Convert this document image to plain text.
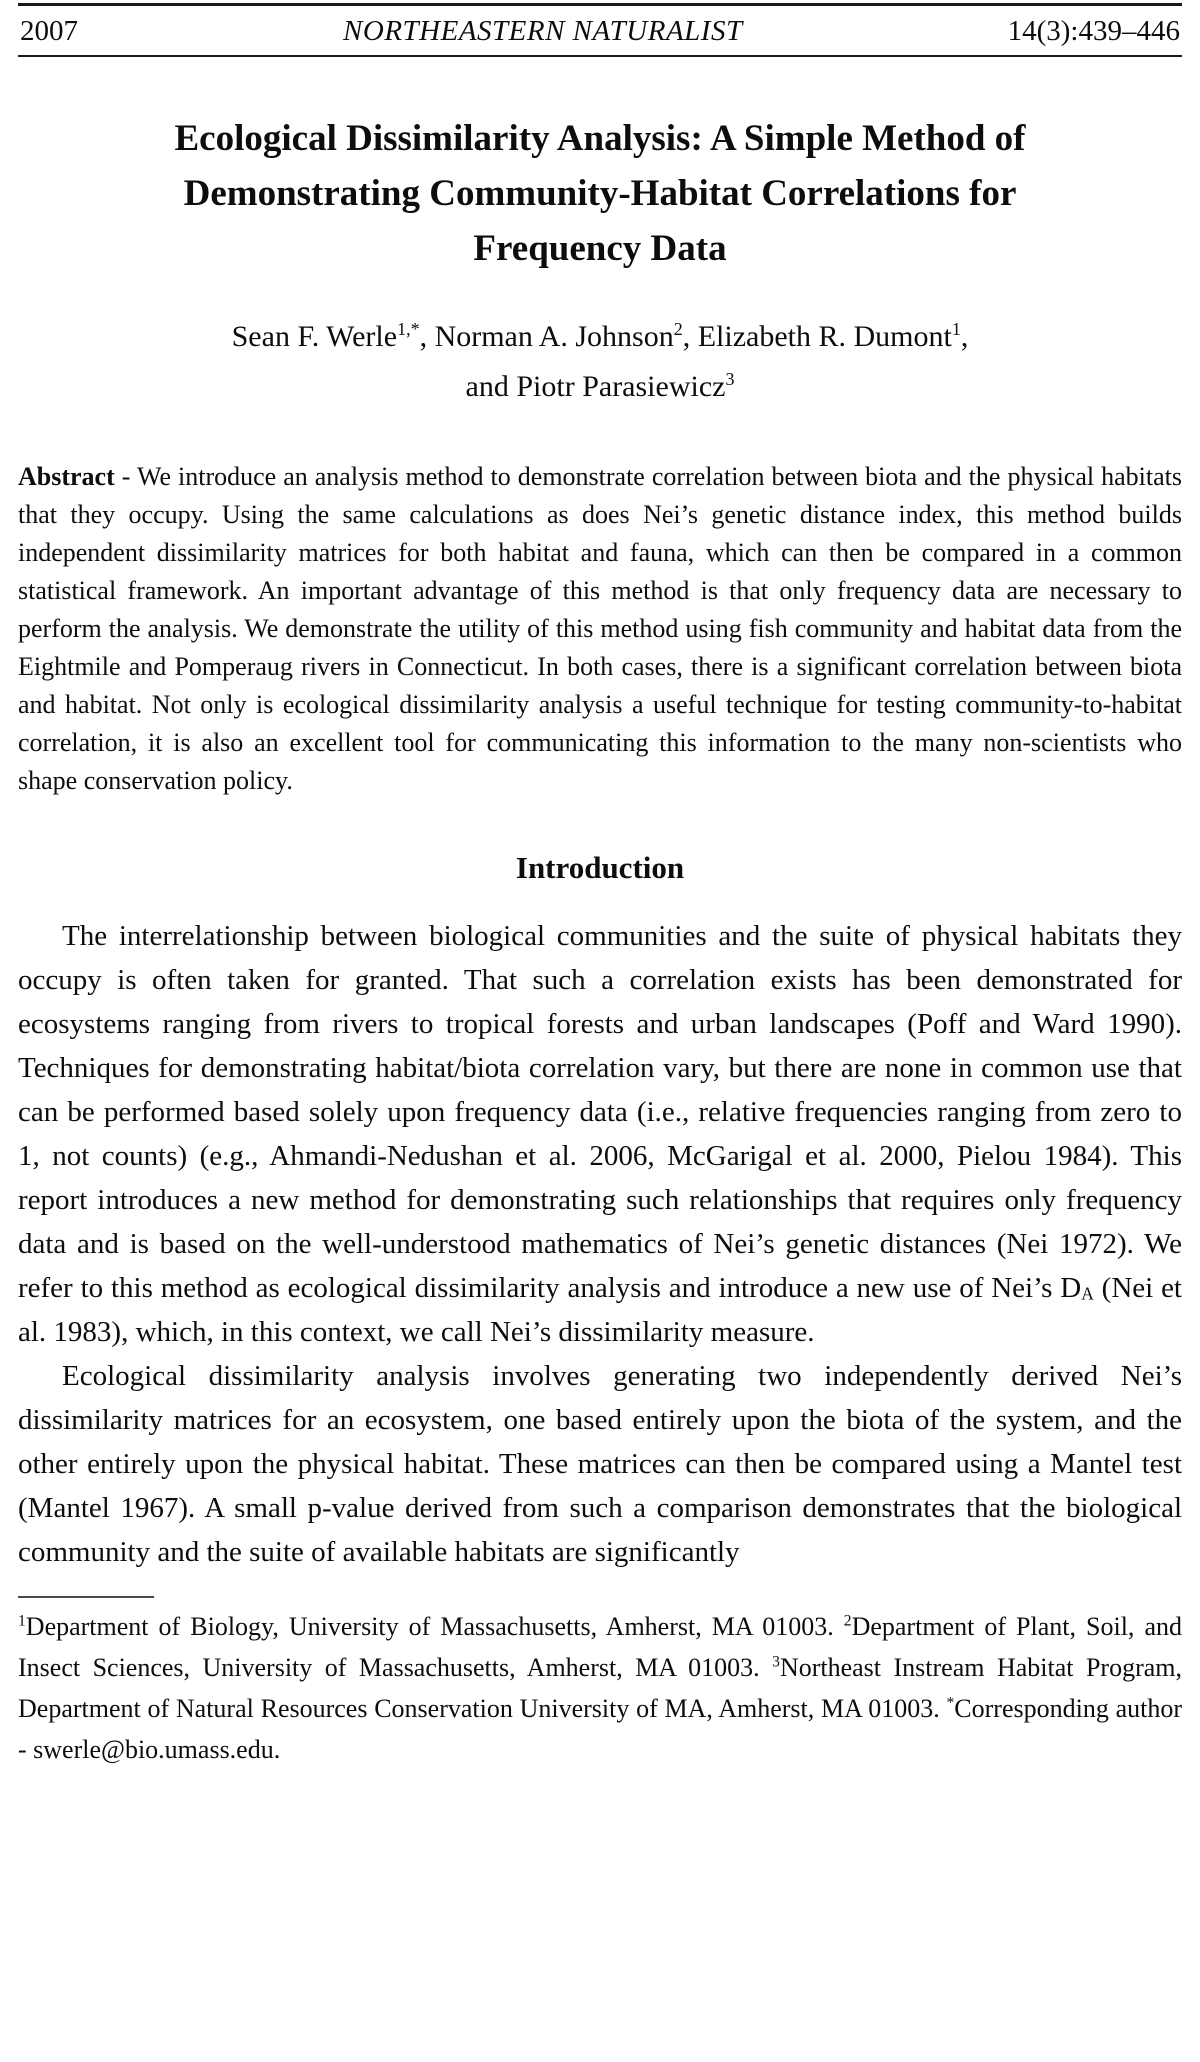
2007	NORTHEASTERN NATURALIST	14(3):439–446
Ecological Dissimilarity Analysis: A Simple Method of
Demonstrating Community-Habitat Correlations for
Frequency Data
Sean F. Werle$^{1,*}$, Norman A. Johnson$^2$, Elizabeth R. Dumont$^1$,
and Piotr Parasiewicz$^3$

Abstract - We introduce an analysis method to demonstrate correlation between biota and the physical habitats that they occupy. Using the same calculations as does Nei’s genetic distance index, this method builds independent dissimilarity matrices for both habitat and fauna, which can then be compared in a common statistical framework. An important advantage of this method is that only frequency data are necessary to perform the analysis. We demonstrate the utility of this method using fish community and habitat data from the Eightmile and Pomperaug rivers in Connecticut. In both cases, there is a significant correlation between biota and habitat. Not only is ecological dissimilarity analysis a useful technique for testing community-to-habitat correlation, it is also an excellent tool for communicating this information to the many non-scientists who shape conservation policy.

Introduction

The interrelationship between biological communities and the suite of physical habitats they occupy is often taken for granted. That such a correlation exists has been demonstrated for ecosystems ranging from rivers to tropical forests and urban landscapes (Poff and Ward 1990). Techniques for demonstrating habitat/biota correlation vary, but there are none in common use that can be performed based solely upon frequency data (i.e., relative frequencies ranging from zero to 1, not counts) (e.g., Ahmandi-Nedushan et al. 2006, McGarigal et al. 2000, Pielou 1984). This report introduces a new method for demonstrating such relationships that requires only frequency data and is based on the well-understood mathematics of Nei’s genetic distances (Nei 1972). We refer to this method as ecological dissimilarity analysis and introduce a new use of Nei’s $D_A$ (Nei et al. 1983), which, in this context, we call Nei’s dissimilarity measure.

Ecological dissimilarity analysis involves generating two independently derived Nei’s dissimilarity matrices for an ecosystem, one based entirely upon the biota of the system, and the other entirely upon the physical habitat. These matrices can then be compared using a Mantel test (Mantel 1967). A small p-value derived from such a comparison demonstrates that the biological community and the suite of available habitats are significantly

$^1$Department of Biology, University of Massachusetts, Amherst, MA 01003. $^2$Department of Plant, Soil, and Insect Sciences, University of Massachusetts, Amherst, MA 01003. $^3$Northeast Instream Habitat Program, Department of Natural Resources Conservation University of MA, Amherst, MA 01003. *Corresponding author - swerle@bio.umass.edu.
